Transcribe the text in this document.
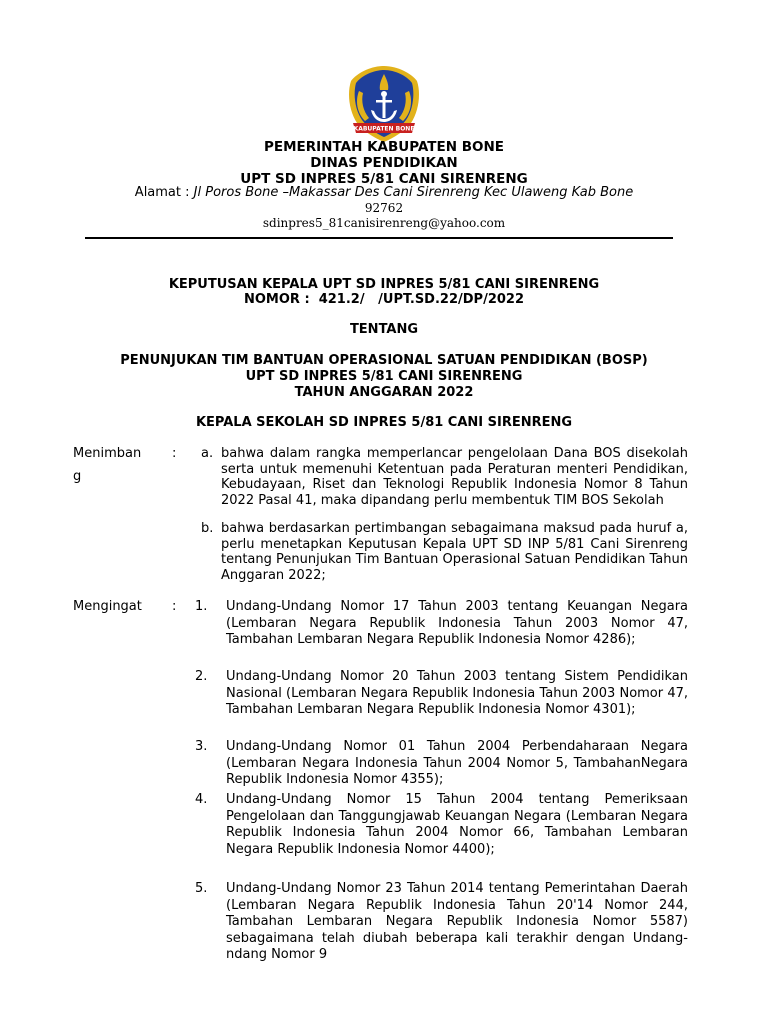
KABUPATEN BONE
PEMERINTAH KABUPATEN BONE
DINAS PENDIDIKAN
UPT SD INPRES 5/81 CANI SIRENRENG
Alamat : Jl Poros Bone –Makassar Des Cani Sirenreng Kec Ulaweng Kab Bone
92762
sdinpres5_81canisirenreng@yahoo.com
KEPUTUSAN KEPALA UPT SD INPRES 5/81 CANI SIRENRENG
NOMOR :  421.2/   /UPT.SD.22/DP/2022
TENTANG
PENUNJUKAN TIM BANTUAN OPERASIONAL SATUAN PENDIDIKAN (BOSP)
UPT SD INPRES 5/81 CANI SIRENRENG
TAHUN ANGGARAN 2022
KEPALA SEKOLAH SD INPRES 5/81 CANI SIRENRENG
Menimban
g
: a. bahwa dalam rangka memperlancar pengelolaan Dana BOS disekolah serta untuk memenuhi Ketentuan pada Peraturan menteri Pendidikan, Kebudayaan, Riset dan Teknologi Republik Indonesia Nomor 8 Tahun 2022 Pasal 41, maka dipandang perlu membentuk TIM BOS Sekolah
b. bahwa berdasarkan pertimbangan sebagaimana maksud pada huruf a, perlu menetapkan Keputusan Kepala UPT SD INP 5/81 Cani Sirenreng tentang Penunjukan Tim Bantuan Operasional Satuan Pendidikan Tahun Anggaran 2022;
Mengingat : 1. Undang-Undang Nomor 17 Tahun 2003 tentang Keuangan Negara (Lembaran Negara Republik Indonesia Tahun 2003 Nomor 47, Tambahan Lembaran Negara Republik Indonesia Nomor 4286);
2. Undang-Undang Nomor 20 Tahun 2003 tentang Sistem Pendidikan Nasional (Lembaran Negara Republik Indonesia Tahun 2003 Nomor 47, Tambahan Lembaran Negara Republik Indonesia Nomor 4301);
3. Undang-Undang Nomor 01 Tahun 2004 Perbendaharaan Negara (Lembaran Negara Indonesia Tahun 2004 Nomor 5, TambahanNegara Republik Indonesia Nomor 4355);
4. Undang-Undang Nomor 15 Tahun 2004 tentang Pemeriksaan Pengelolaan dan Tanggungjawab Keuangan Negara (Lembaran Negara Republik Indonesia Tahun 2004 Nomor 66, Tambahan Lembaran Negara Republik Indonesia Nomor 4400);
5. Undang-Undang Nomor 23 Tahun 2014 tentang Pemerintahan Daerah (Lembaran Negara Republik Indonesia Tahun 20'14 Nomor 244, Tambahan Lembaran Negara Republik Indonesia Nomor 5587) sebagaimana telah diubah beberapa kali terakhir dengan Undang- ndang Nomor 9
